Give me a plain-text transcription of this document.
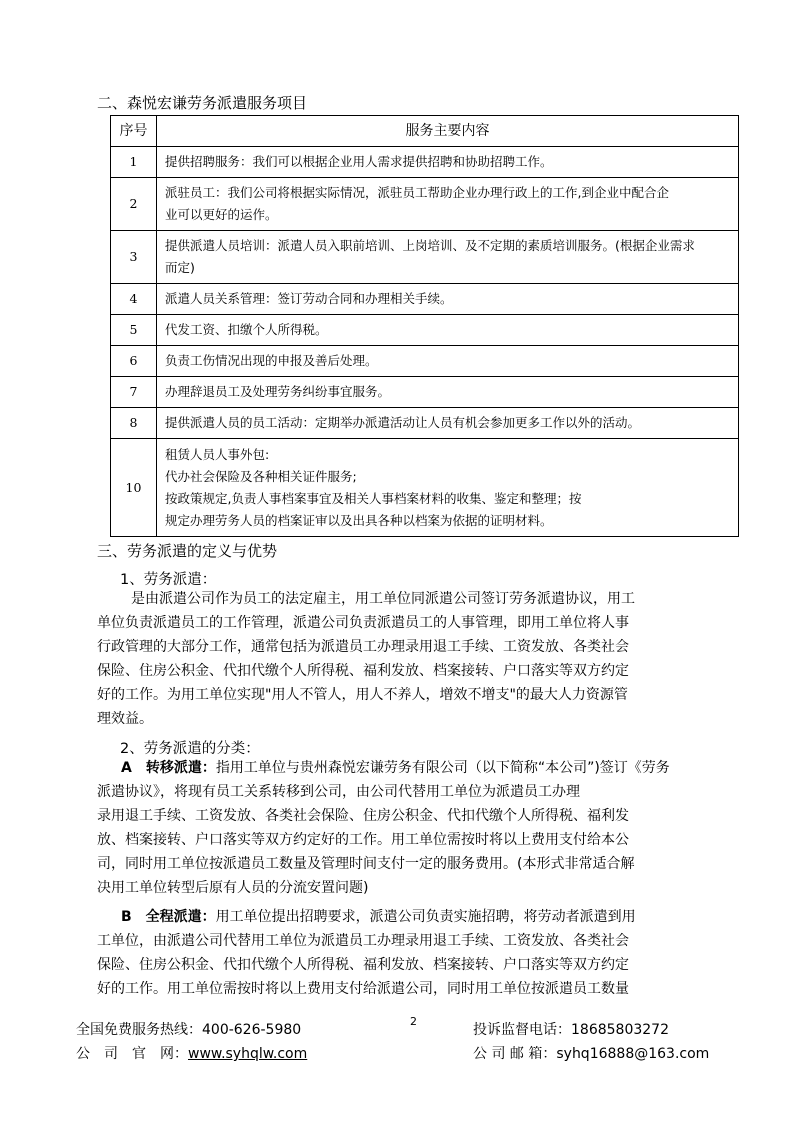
二、森悦宏谦劳务派遣服务项目
序号	服务主要内容
1	提供招聘服务：我们可以根据企业用人需求提供招聘和协助招聘工作。

2	派驻员工：我们公司将根据实际情况，派驻员工帮助企业办理行政上的工作,到企业中配合企
业可以更好的运作。

3	提供派遣人员培训：派遣人员入职前培训、上岗培训、及不定期的素质培训服务。(根据企业需求
而定)

4	派遣人员关系管理：签订劳动合同和办理相关手续。

5	代发工资、扣缴个人所得税。

6	负责工伤情况出现的申报及善后处理。

7	办理辞退员工及处理劳务纠纷事宜服务。

8	提供派遣人员的员工活动：定期举办派遣活动让人员有机会参加更多工作以外的活动。

10	租赁人员人事外包:
代办社会保险及各种相关证件服务;
按政策规定,负责人事档案事宜及相关人事档案材料的收集、鉴定和整理；按
规定办理劳务人员的档案证审以及出具各种以档案为依据的证明材料。
三、劳务派遣的定义与优势
1、劳务派遣：
是由派遣公司作为员工的法定雇主，用工单位同派遣公司签订劳务派遣协议，用工
单位负责派遣员工的工作管理，派遣公司负责派遣员工的人事管理，即用工单位将人事
行政管理的大部分工作，通常包括为派遣员工办理录用退工手续、工资发放、各类社会
保险、住房公积金、代扣代缴个人所得税、福利发放、档案接转、户口落实等双方约定
好的工作。为用工单位实现"用人不管人，用人不养人，增效不增支"的最大人力资源管
理效益。
2、劳务派遣的分类：
A　转移派遣：指用工单位与贵州森悦宏谦劳务有限公司（以下简称“本公司”)签订《劳务
派遣协议》，将现有员工关系转移到公司，由公司代替用工单位为派遣员工办理
录用退工手续、工资发放、各类社会保险、住房公积金、代扣代缴个人所得税、福利发
放、档案接转、户口落实等双方约定好的工作。用工单位需按时将以上费用支付给本公
司，同时用工单位按派遣员工数量及管理时间支付一定的服务费用。(本形式非常适合解
决用工单位转型后原有人员的分流安置问题)
B　全程派遣：用工单位提出招聘要求，派遣公司负责实施招聘，将劳动者派遣到用
工单位，由派遣公司代替用工单位为派遣员工办理录用退工手续、工资发放、各类社会
保险、住房公积金、代扣代缴个人所得税、福利发放、档案接转、户口落实等双方约定
好的工作。用工单位需按时将以上费用支付给派遣公司，同时用工单位按派遣员工数量
2
全国免费服务热线：400-626-5980	投诉监督电话：18685803272
公　司　官　网：www.syhqlw.com	公 司 邮 箱：syhq16888@163.com
